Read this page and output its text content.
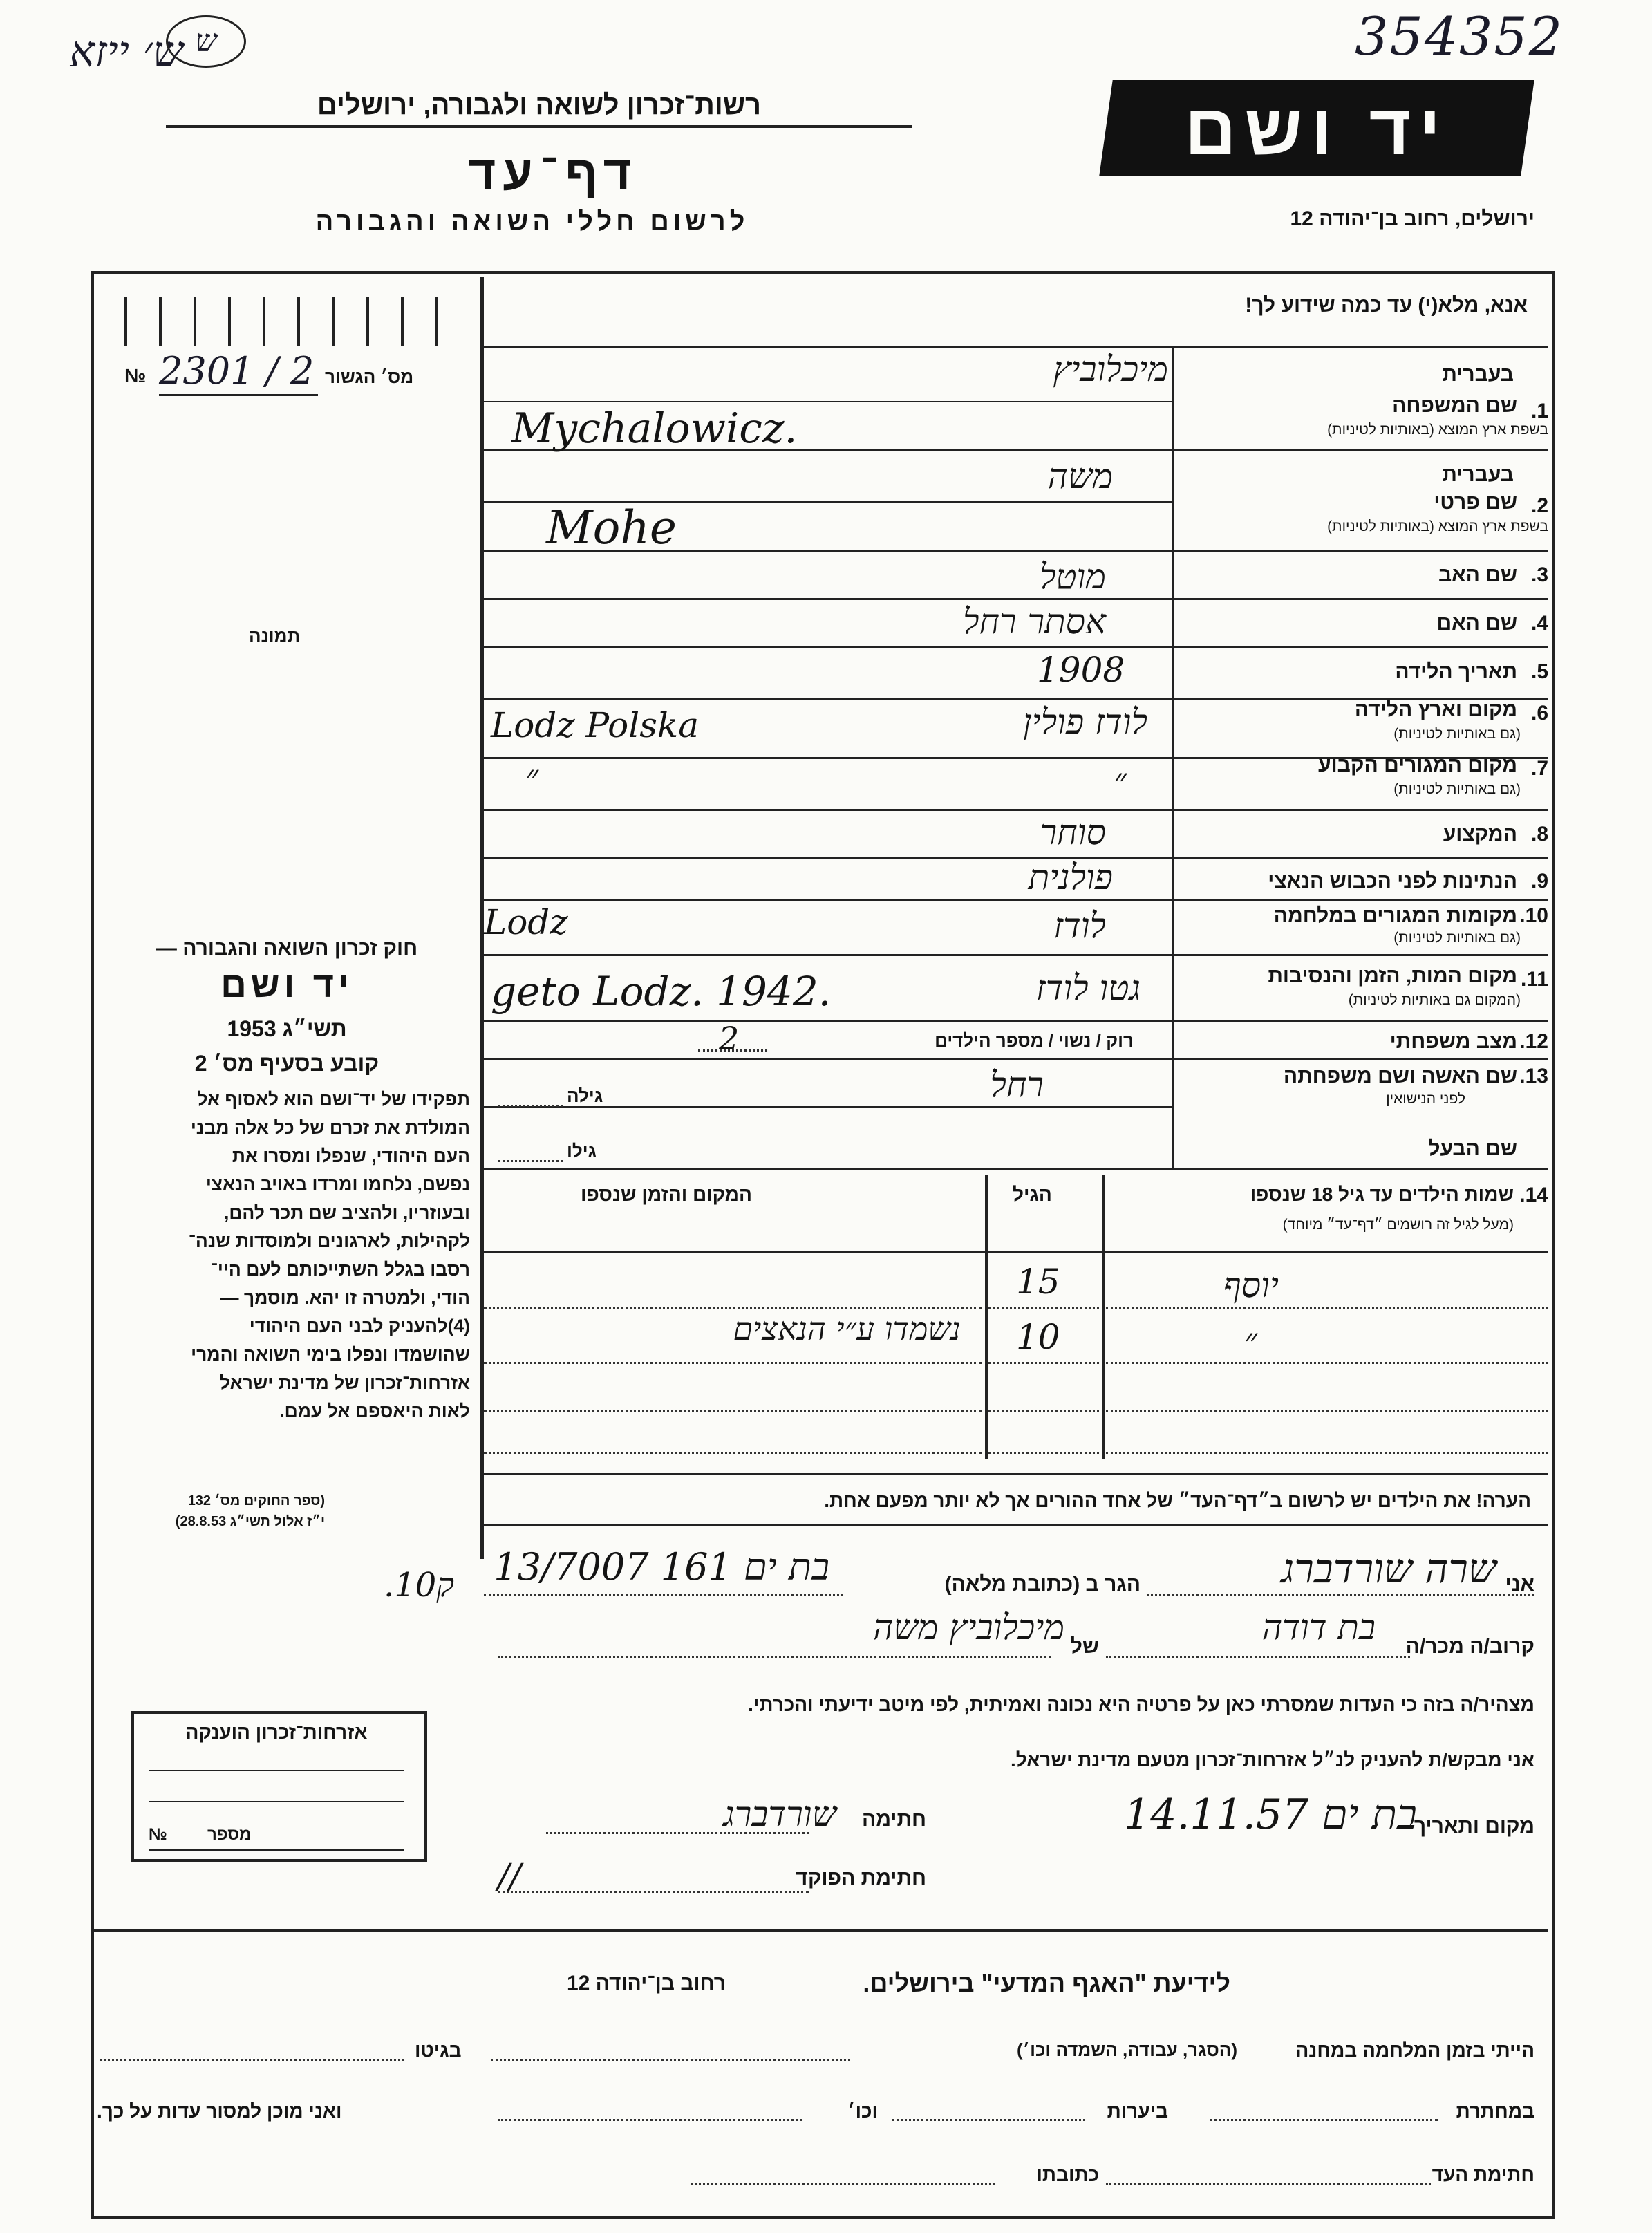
ש׳ ייזא ש	354352
רשות־זכרון לשואה ולגבורה, ירושלים
דף־עד
לרשום חללי השואה והגבורה
יד ושם
ירושלים, רחוב בן־יהודה 12
מס׳ הגשור
2301 / 2
№
תמונה
חוק זכרון השואה והגבורה —
יד ושם
תשי״ג 1953
קובע בסעיף מס׳ 2
תפקידו של יד־ושם הוא לאסוף אל
המולדת את זכרם של כל אלה מבני
העם היהודי, שנפלו ומסרו את
נפשם, נלחמו ומרדו באויב הנאצי
ובעוזריו, ולהציב שם תכר להם,
לקהילות, לארגונים ולמוסדות שנה־
רסבו בגלל השתייכותם לעם היי־
הודי, ולמטרה זו יהא. מוסמך —
(4)להעניק לבני העם היהודי
שהושמדו ונפלו בימי השואה והמרי
אזרחות־זכרון של מדינת ישראל
לאות היאספם אל עמם.
(ספר החוקים מס׳ 132
י״ז אלול תשי״ג 28.8.53)
אנא, מלא(י) עד כמה שידוע לך!
בעברית
1.
שם המשפחה
בשפת ארץ המוצא (באותיות לטיניות)
מיכלוביץ
Mychalowicz.
בעברית
2.
שם פרטי
בשפת ארץ המוצא (באותיות לטיניות)
משה
Mohe
3.
שם האב
מוטל
4.
שם האם
אסתר רחל
5.
תאריך הלידה
1908
6.
מקום וארץ הלידה
(גם באותיות לטיניות)
לודז פולין
Lodz Polska
7.
מקום המגורים הקבוע
(גם באותיות לטיניות)
״
״
8.
המקצוע
סוחר
9.
הנתינות לפני הכבוש הנאצי
פולנית
10.
מקומות המגורים במלחמה
(גם באותיות לטיניות)
לודז
Lodz
11.
מקום המות, הזמן והנסיבות
(המקום גם באותיות לטיניות)
גטו לודז
geto Lodz. 1942.
12.
מצב משפחתי
רוק / נשוי / מספר הילדים
2
13.
שם האשה ושם משפחתה
לפני הנישואין
רחל
גילה
שם הבעל
גילו
14.
שמות הילדים עד גיל 18 שנספו
(מעל לגיל זה רושמים ״דף־עד״ מיוחד)
הגיל
המקום והזמן שנספו
יוסף
15
״
10
נשמדו ע״י הנאצים
הערה! את הילדים יש לרשום ב״דף־העד״ של אחד ההורים אך לא יותר מפעם אחת.
אני
שרה שורדברג
הגר ב (כתובת מלאה)
בת ים 161 13/7007
.10ק
קרוב/ה מכר/ה
בת דודה
של
מיכלוביץ משה
מצהיר/ה בזה כי העדות שמסרתי כאן על פרטיה היא נכונה ואמיתית, לפי מיטב ידיעתי והכרתי.
אני מבקש/ת להעניק לנ״ל אזרחות־זכרון מטעם מדינת ישראל.
מקום ותאריך
בת ים 14.11.57
חתימה
שורדברג
חתימת הפוקד
//
אזרחות־זכרון הוענקה
מספר
№
לידיעת "האגף המדעי" בירושלים.
רחוב בן־יהודה 12
הייתי בזמן המלחמה במחנה
(הסגר, עבודה, השמדה וכו׳)
בגיטו
במחתרת
ביערות
וכו׳
ואני מוכן למסור עדות על כך.
חתימת העד
כתובתו
